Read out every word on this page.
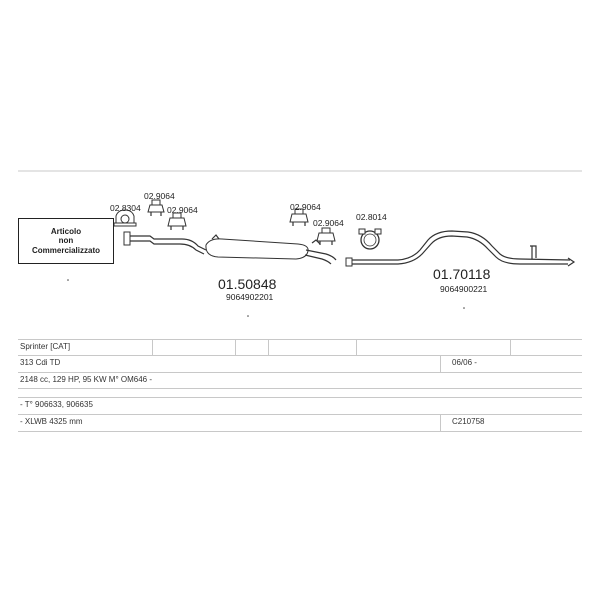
02.8304
02.9064
02.9064	02.9064
02.9064
02.8014
01.50848
9064902201
01.70118
9064900221
Articolo
non
Commercializzato
Sprinter [CAT]
313 Cdi TD	06/06 -
2148 cc, 129 HP, 95 KW M° OM646 -
- T° 906633, 906635
- XLWB 4325 mm	C210758
